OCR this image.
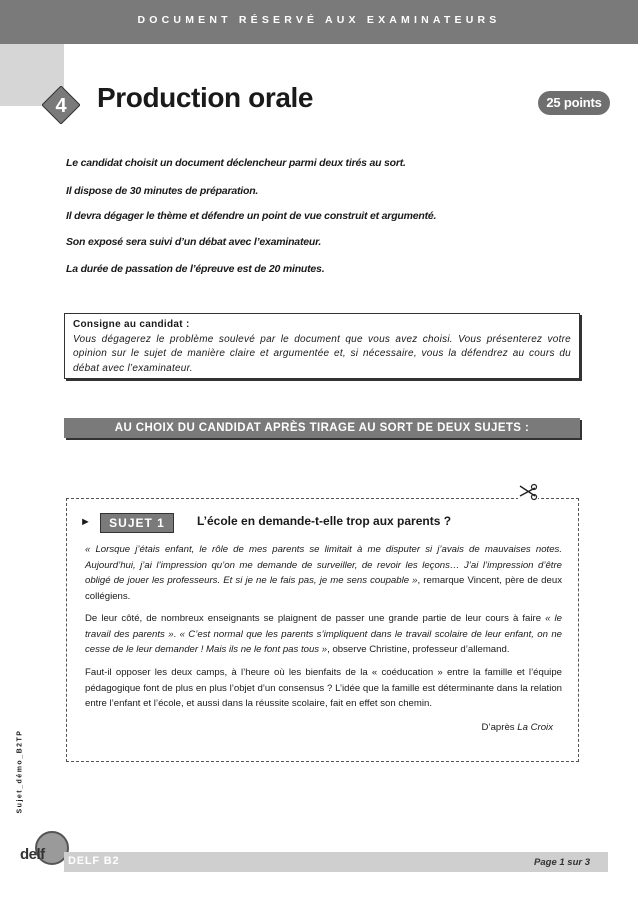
DOCUMENT RÉSERVÉ AUX EXAMINATEURS
4 Production orale	25 points
Le candidat choisit un document déclencheur parmi deux tirés au sort.
Il dispose de 30 minutes de préparation.
Il devra dégager le thème et défendre un point de vue construit et argumenté.
Son exposé sera suivi d’un débat avec l’examinateur.
La durée de passation de l’épreuve est de 20 minutes.
Consigne au candidat :
Vous dégagerez le problème soulevé par le document que vous avez choisi. Vous présenterez votre opinion sur le sujet de manière claire et argumentée et, si nécessaire, vous la défendrez au cours du débat avec l’examinateur.
AU CHOIX DU CANDIDAT APRÈS TIRAGE AU SORT DE DEUX SUJETS :
►	SUJET 1	L’école en demande-t-elle trop aux parents ?
« Lorsque j’étais enfant, le rôle de mes parents se limitait à me disputer si j’avais de mauvaises notes. Aujourd’hui, j’ai l’impression qu’on me demande de surveiller, de revoir les leçons… J’ai l’impression d’être obligé de jouer les professeurs. Et si je ne le fais pas, je me sens coupable », remarque Vincent, père de deux collégiens.
De leur côté, de nombreux enseignants se plaignent de passer une grande partie de leur cours à faire « le travail des parents ». « C’est normal que les parents s’impliquent dans le travail scolaire de leur enfant, on ne cesse de le leur demander ! Mais ils ne le font pas tous », observe Christine, professeur d’allemand.
Faut-il opposer les deux camps, à l’heure où les bienfaits de la « coéducation » entre la famille et l’équipe pédagogique font de plus en plus l’objet d’un consensus ? L’idée que la famille est déterminante dans la relation entre l’enfant et l’école, et aussi dans la réussite scolaire, fait en effet son chemin.
D’après La Croix
Sujet_démo_B2TP
delf DELF B2	Page 1 sur 3
